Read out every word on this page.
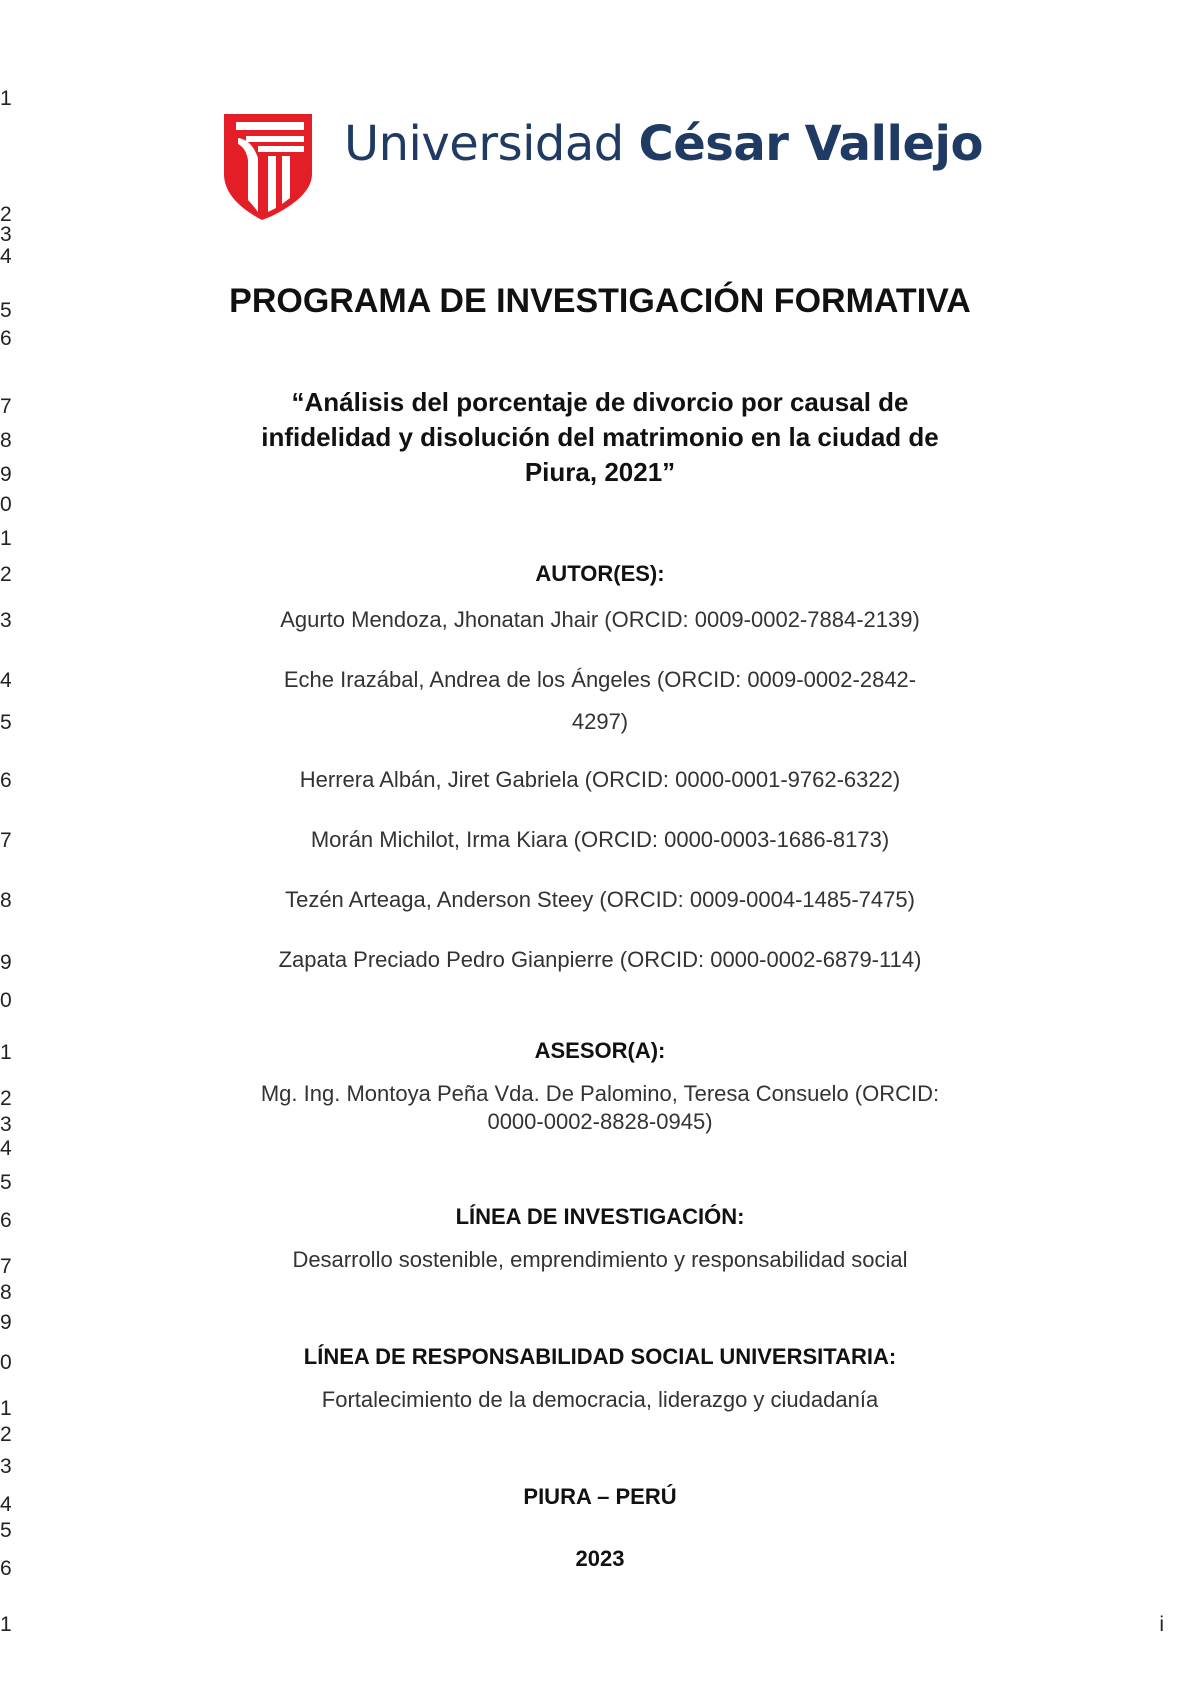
1
2
3
4
5
6
7
8
9
0
1
2
3
4
5
6
7
8
9
0
1
2
3
4
5
6
7
8
9
0
1
2
3
4
5
6
1
Universidad César Vallejo
PROGRAMA DE INVESTIGACIÓN FORMATIVA
“Análisis del porcentaje de divorcio por causal de
infidelidad y disolución del matrimonio en la ciudad de
Piura, 2021”
AUTOR(ES):
Agurto Mendoza, Jhonatan Jhair (ORCID: 0009-0002-7884-2139)
Eche Irazábal, Andrea de los Ángeles (ORCID: 0009-0002-2842-
4297)
Herrera Albán, Jiret Gabriela (ORCID: 0000-0001-9762-6322)
Morán Michilot, Irma Kiara (ORCID: 0000-0003-1686-8173)
Tezén Arteaga, Anderson Steey (ORCID: 0009-0004-1485-7475)
Zapata Preciado Pedro Gianpierre (ORCID: 0000-0002-6879-114)
ASESOR(A):
Mg. Ing. Montoya Peña Vda. De Palomino, Teresa Consuelo (ORCID:
0000-0002-8828-0945)
LÍNEA DE INVESTIGACIÓN:
Desarrollo sostenible, emprendimiento y responsabilidad social
LÍNEA DE RESPONSABILIDAD SOCIAL UNIVERSITARIA:
Fortalecimiento de la democracia, liderazgo y ciudadanía
PIURA – PERÚ
2023
i
